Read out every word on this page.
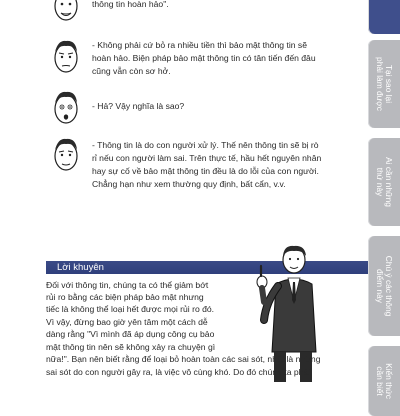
thông tin hoàn hảo".
- Không phải cứ bỏ ra nhiều tiền thì bảo mật thông tin sẽ
hoàn hảo. Biện pháp bảo mật thông tin có tân tiến đến đâu
cũng vẫn còn sơ hở.
- Hả? Vậy nghĩa là sao?
- Thông tin là do con người xử lý. Thế nên thông tin sẽ bị rò
rỉ nếu con người làm sai. Trên thực tế, hầu hết nguyên nhân
hay sự cố về bảo mật thông tin đều là do lỗi của con người.
Chẳng hạn như xem thường quy định, bất cẩn, v.v.
Lời khuyên
Đối với thông tin, chúng ta có thể giảm bớt
rủi ro bằng các biện pháp bảo mật nhưng
tiếc là không thể loại hết được mọi rủi ro đó.
Vì vậy, đừng bao giờ yên tâm một cách dễ
dàng rằng "Vì mình đã áp dụng công cụ bảo
mật thông tin nên sẽ không xảy ra chuyện gì
nữa!". Bạn nên biết rằng để loại bỏ hoàn toàn các sai sót, nhất là những
sai sót do con người gây ra, là việc vô cùng khó. Do đó chúng ta phải
Tại sao lại
phải làm được
Ai cần những
thứ này
Chú ý các thông
điểm này
Kiến thức
cần biết
